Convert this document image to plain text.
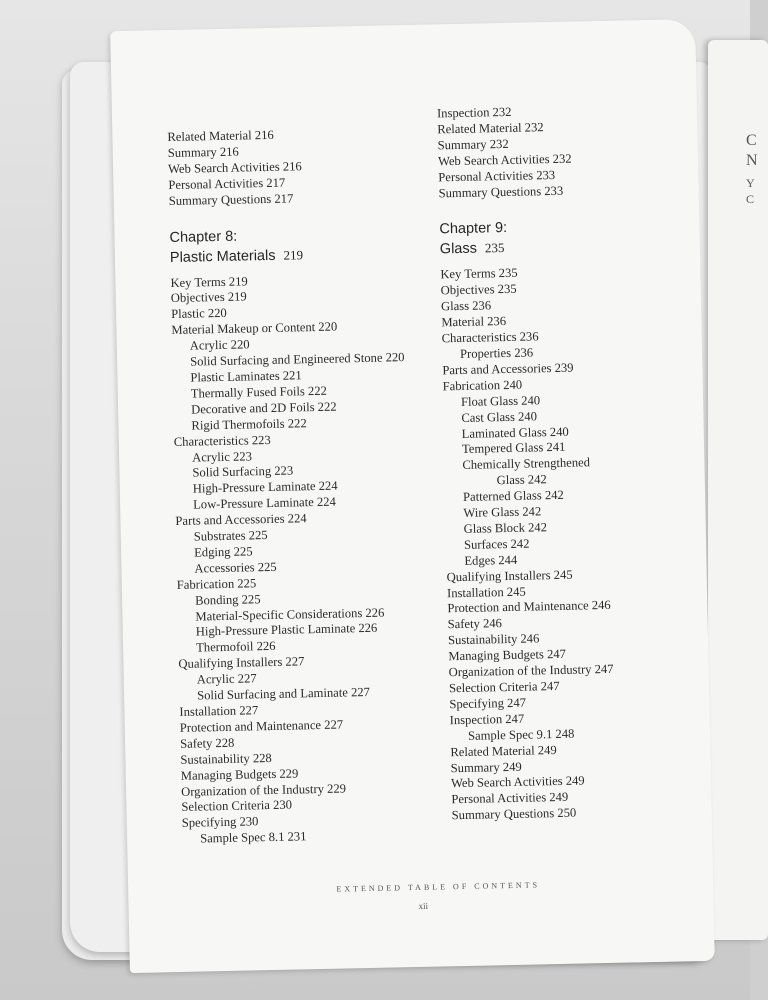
C
N
Y
C
Related Material 216
Summary 216
Web Search Activities 216
Personal Activities 217
Summary Questions 217
Chapter 8:
Plastic Materials 219
Key Terms 219
Objectives 219
Plastic 220
Material Makeup or Content 220
Acrylic 220
Solid Surfacing and Engineered Stone 220
Plastic Laminates 221
Thermally Fused Foils 222
Decorative and 2D Foils 222
Rigid Thermofoils 222
Characteristics 223
Acrylic 223
Solid Surfacing 223
High-Pressure Laminate 224
Low-Pressure Laminate 224
Parts and Accessories 224
Substrates 225
Edging 225
Accessories 225
Fabrication 225
Bonding 225
Material-Specific Considerations 226
High-Pressure Plastic Laminate 226
Thermofoil 226
Qualifying Installers 227
Acrylic 227
Solid Surfacing and Laminate 227
Installation 227
Protection and Maintenance 227
Safety 228
Sustainability 228
Managing Budgets 229
Organization of the Industry 229
Selection Criteria 230
Specifying 230
Sample Spec 8.1 231
Inspection 232
Related Material 232
Summary 232
Web Search Activities 232
Personal Activities 233
Summary Questions 233
Chapter 9:
Glass 235
Key Terms 235
Objectives 235
Glass 236
Material 236
Characteristics 236
Properties 236
Parts and Accessories 239
Fabrication 240
Float Glass 240
Cast Glass 240
Laminated Glass 240
Tempered Glass 241
Chemically Strengthened
Glass 242
Patterned Glass 242
Wire Glass 242
Glass Block 242
Surfaces 242
Edges 244
Qualifying Installers 245
Installation 245
Protection and Maintenance 246
Safety 246
Sustainability 246
Managing Budgets 247
Organization of the Industry 247
Selection Criteria 247
Specifying 247
Inspection 247
Sample Spec 9.1 248
Related Material 249
Summary 249
Web Search Activities 249
Personal Activities 249
Summary Questions 250
EXTENDED TABLE OF CONTENTS
xii
